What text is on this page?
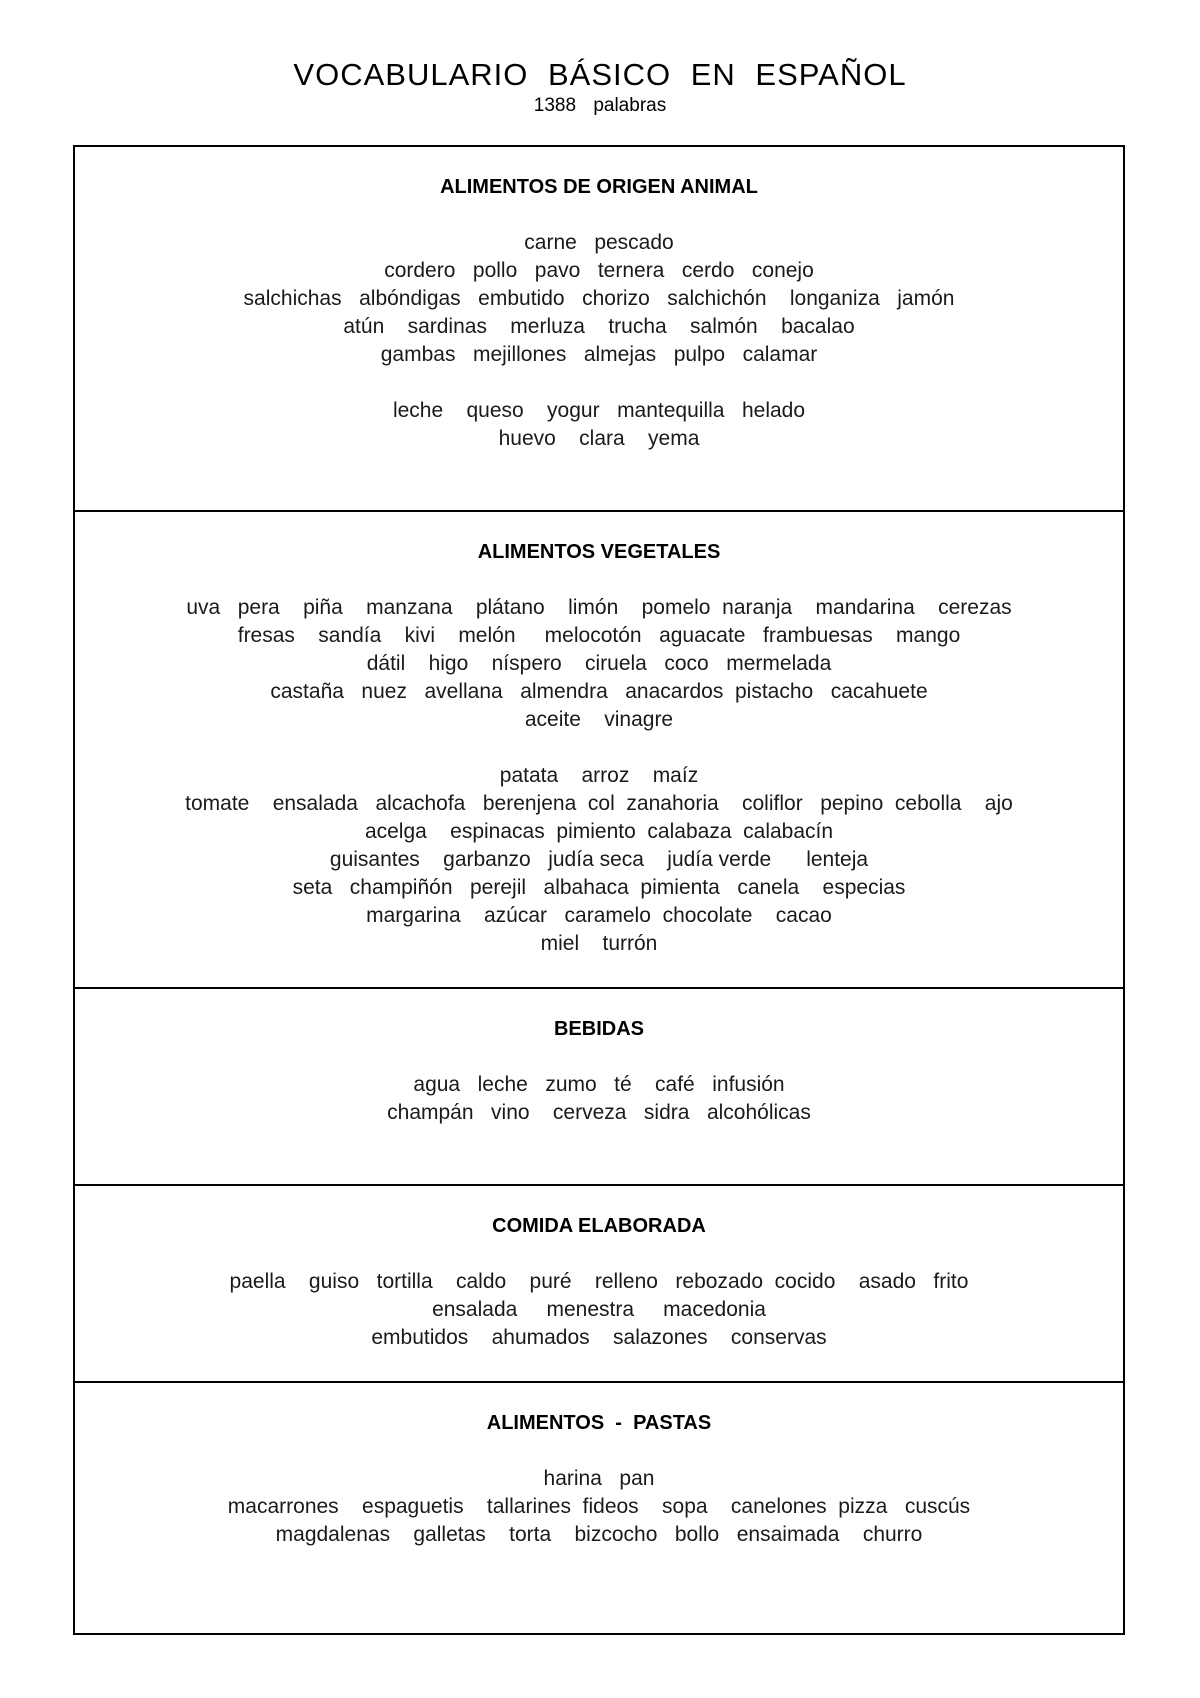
VOCABULARIO BÁSICO EN ESPAÑOL
1388 palabras
ALIMENTOS DE ORIGEN ANIMAL
carne   pescado
cordero   pollo   pavo   ternera   cerdo   conejo
salchichas   albóndigas   embutido   chorizo   salchichón    longaniza   jamón
atún    sardinas    merluza    trucha    salmón    bacalao
gambas   mejillones   almejas   pulpo   calamar
leche    queso    yogur   mantequilla   helado
huevo    clara    yema
ALIMENTOS VEGETALES
uva   pera    piña    manzana    plátano    limón    pomelo  naranja    mandarina    cerezas
fresas    sandía    kivi    melón     melocotón   aguacate   frambuesas    mango
dátil    higo    níspero    ciruela   coco   mermelada
castaña   nuez   avellana   almendra   anacardos  pistacho   cacahuete
aceite    vinagre
patata    arroz    maíz
tomate    ensalada   alcachofa   berenjena  col  zanahoria    coliflor   pepino  cebolla    ajo
acelga    espinacas  pimiento  calabaza  calabacín
guisantes    garbanzo   judía seca    judía verde      lenteja
seta   champiñón   perejil   albahaca  pimienta   canela    especias
margarina    azúcar   caramelo  chocolate    cacao
miel    turrón
BEBIDAS
agua   leche   zumo   té    café   infusión
champán   vino    cerveza   sidra   alcohólicas
COMIDA ELABORADA
paella    guiso   tortilla    caldo    puré    relleno   rebozado  cocido    asado   frito
ensalada     menestra     macedonia
embutidos    ahumados    salazones    conservas
ALIMENTOS  -  PASTAS
harina   pan
macarrones    espaguetis    tallarines  fideos    sopa    canelones  pizza   cuscús
magdalenas    galletas    torta    bizcocho   bollo   ensaimada    churro
